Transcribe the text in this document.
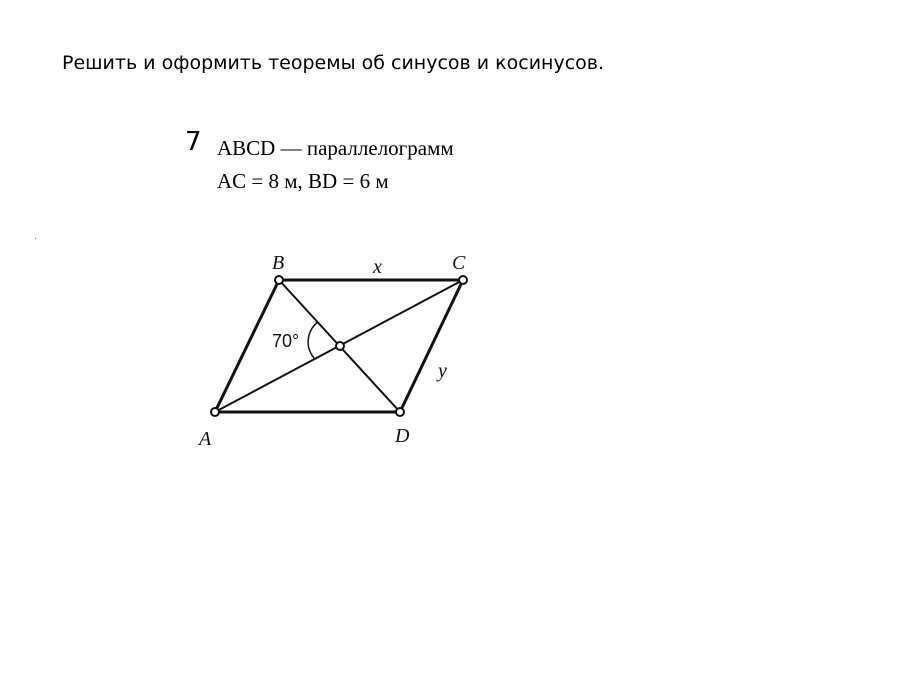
Решить и оформить теоремы об синусов и косинусов.
7 ABCD — параллелограмм
AC = 8 м, BD = 6 м
A
B	C
D
x
y
70°
